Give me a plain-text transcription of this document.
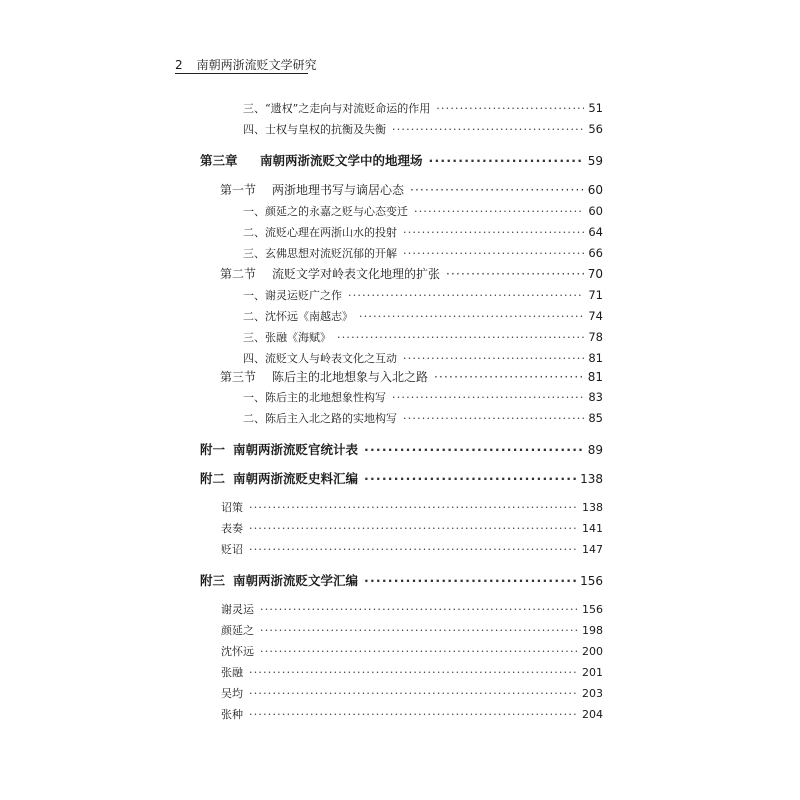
2 南朝两浙流贬文学研究
三、“遗权”之走向与对流贬命运的作用 ·····	51
四、士权与皇权的抗衡及失衡 ·····	56
第三章 南朝两浙流贬文学中的地理场 ·····	59
第一节 两浙地理书写与谪居心态 ·····	60
一、颜延之的永嘉之贬与心态变迁 ·····	60
二、流贬心理在两浙山水的投射 ·····	64
三、玄佛思想对流贬沉郁的开解 ·····	66
第二节 流贬文学对岭表文化地理的扩张 ·····	70
一、谢灵运贬广之作 ·····	71
二、沈怀远《南越志》 ·····	74
三、张融《海赋》 ·····	78
四、流贬文人与岭表文化之互动 ·····	81
第三节 陈后主的北地想象与入北之路 ·····	81
一、陈后主的北地想象性构写 ·····	83
二、陈后主入北之路的实地构写 ·····	85
附一 南朝两浙流贬官统计表 ·····	89
附二 南朝两浙流贬史料汇编 ·····	138
诏策 ·····	138
表奏 ·····	141
贬诏 ·····	147
附三 南朝两浙流贬文学汇编 ·····	156
谢灵运 ·····	156
颜延之 ·····	198
沈怀远 ·····	200
张融 ·····	201
吴均 ·····	203
张种 ·····	204
